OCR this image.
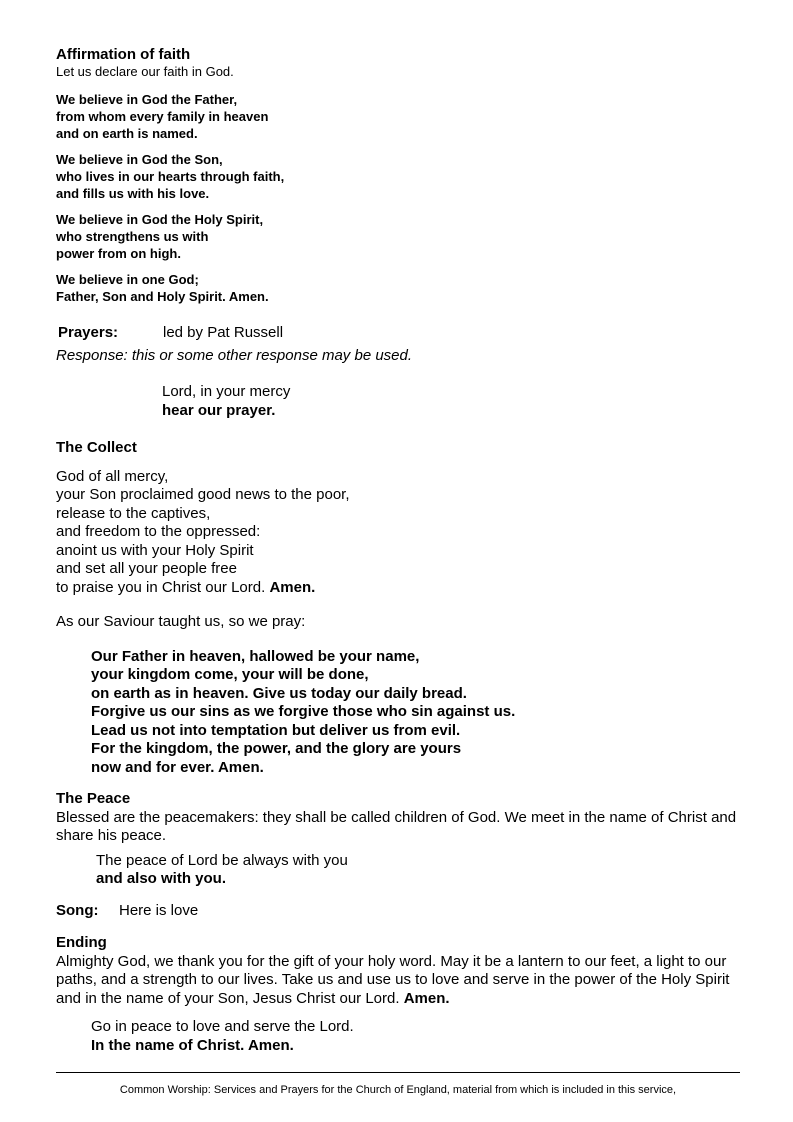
Affirmation of faith
Let us declare our faith in God.
We believe in God the Father,
from whom every family in heaven
and on earth is named.
We believe in God the Son,
who lives in our hearts through faith,
and fills us with his love.
We believe in God the Holy Spirit,
who strengthens us with
power from on high.
We believe in one God;
Father, Son and Holy Spirit. Amen.
Prayers:	led by Pat Russell
Response: this or some other response may be used.
Lord, in your mercy
hear our prayer.
The Collect
God of all mercy,
your Son proclaimed good news to the poor,
release to the captives,
and freedom to the oppressed:
anoint us with your Holy Spirit
and set all your people free
to praise you in Christ our Lord. Amen.
As our Saviour taught us, so we pray:
Our Father in heaven, hallowed be your name,
your kingdom come, your will be done,
on earth as in heaven. Give us today our daily bread.
Forgive us our sins as we forgive those who sin against us.
Lead us not into temptation but deliver us from evil.
For the kingdom, the power, and the glory are yours
now and for ever. Amen.
The Peace
Blessed are the peacemakers: they shall be called children of God. We meet in the name of Christ and share his peace.
The peace of Lord be always with you
and also with you.
Song:	Here is love
Ending
Almighty God, we thank you for the gift of your holy word. May it be a lantern to our feet, a light to our paths, and a strength to our lives. Take us and use us to love and serve in the power of the Holy Spirit and in the name of your Son, Jesus Christ our Lord. Amen.
Go in peace to love and serve the Lord.
In the name of Christ. Amen.
Common Worship: Services and Prayers for the Church of England, material from which is included in this service,
